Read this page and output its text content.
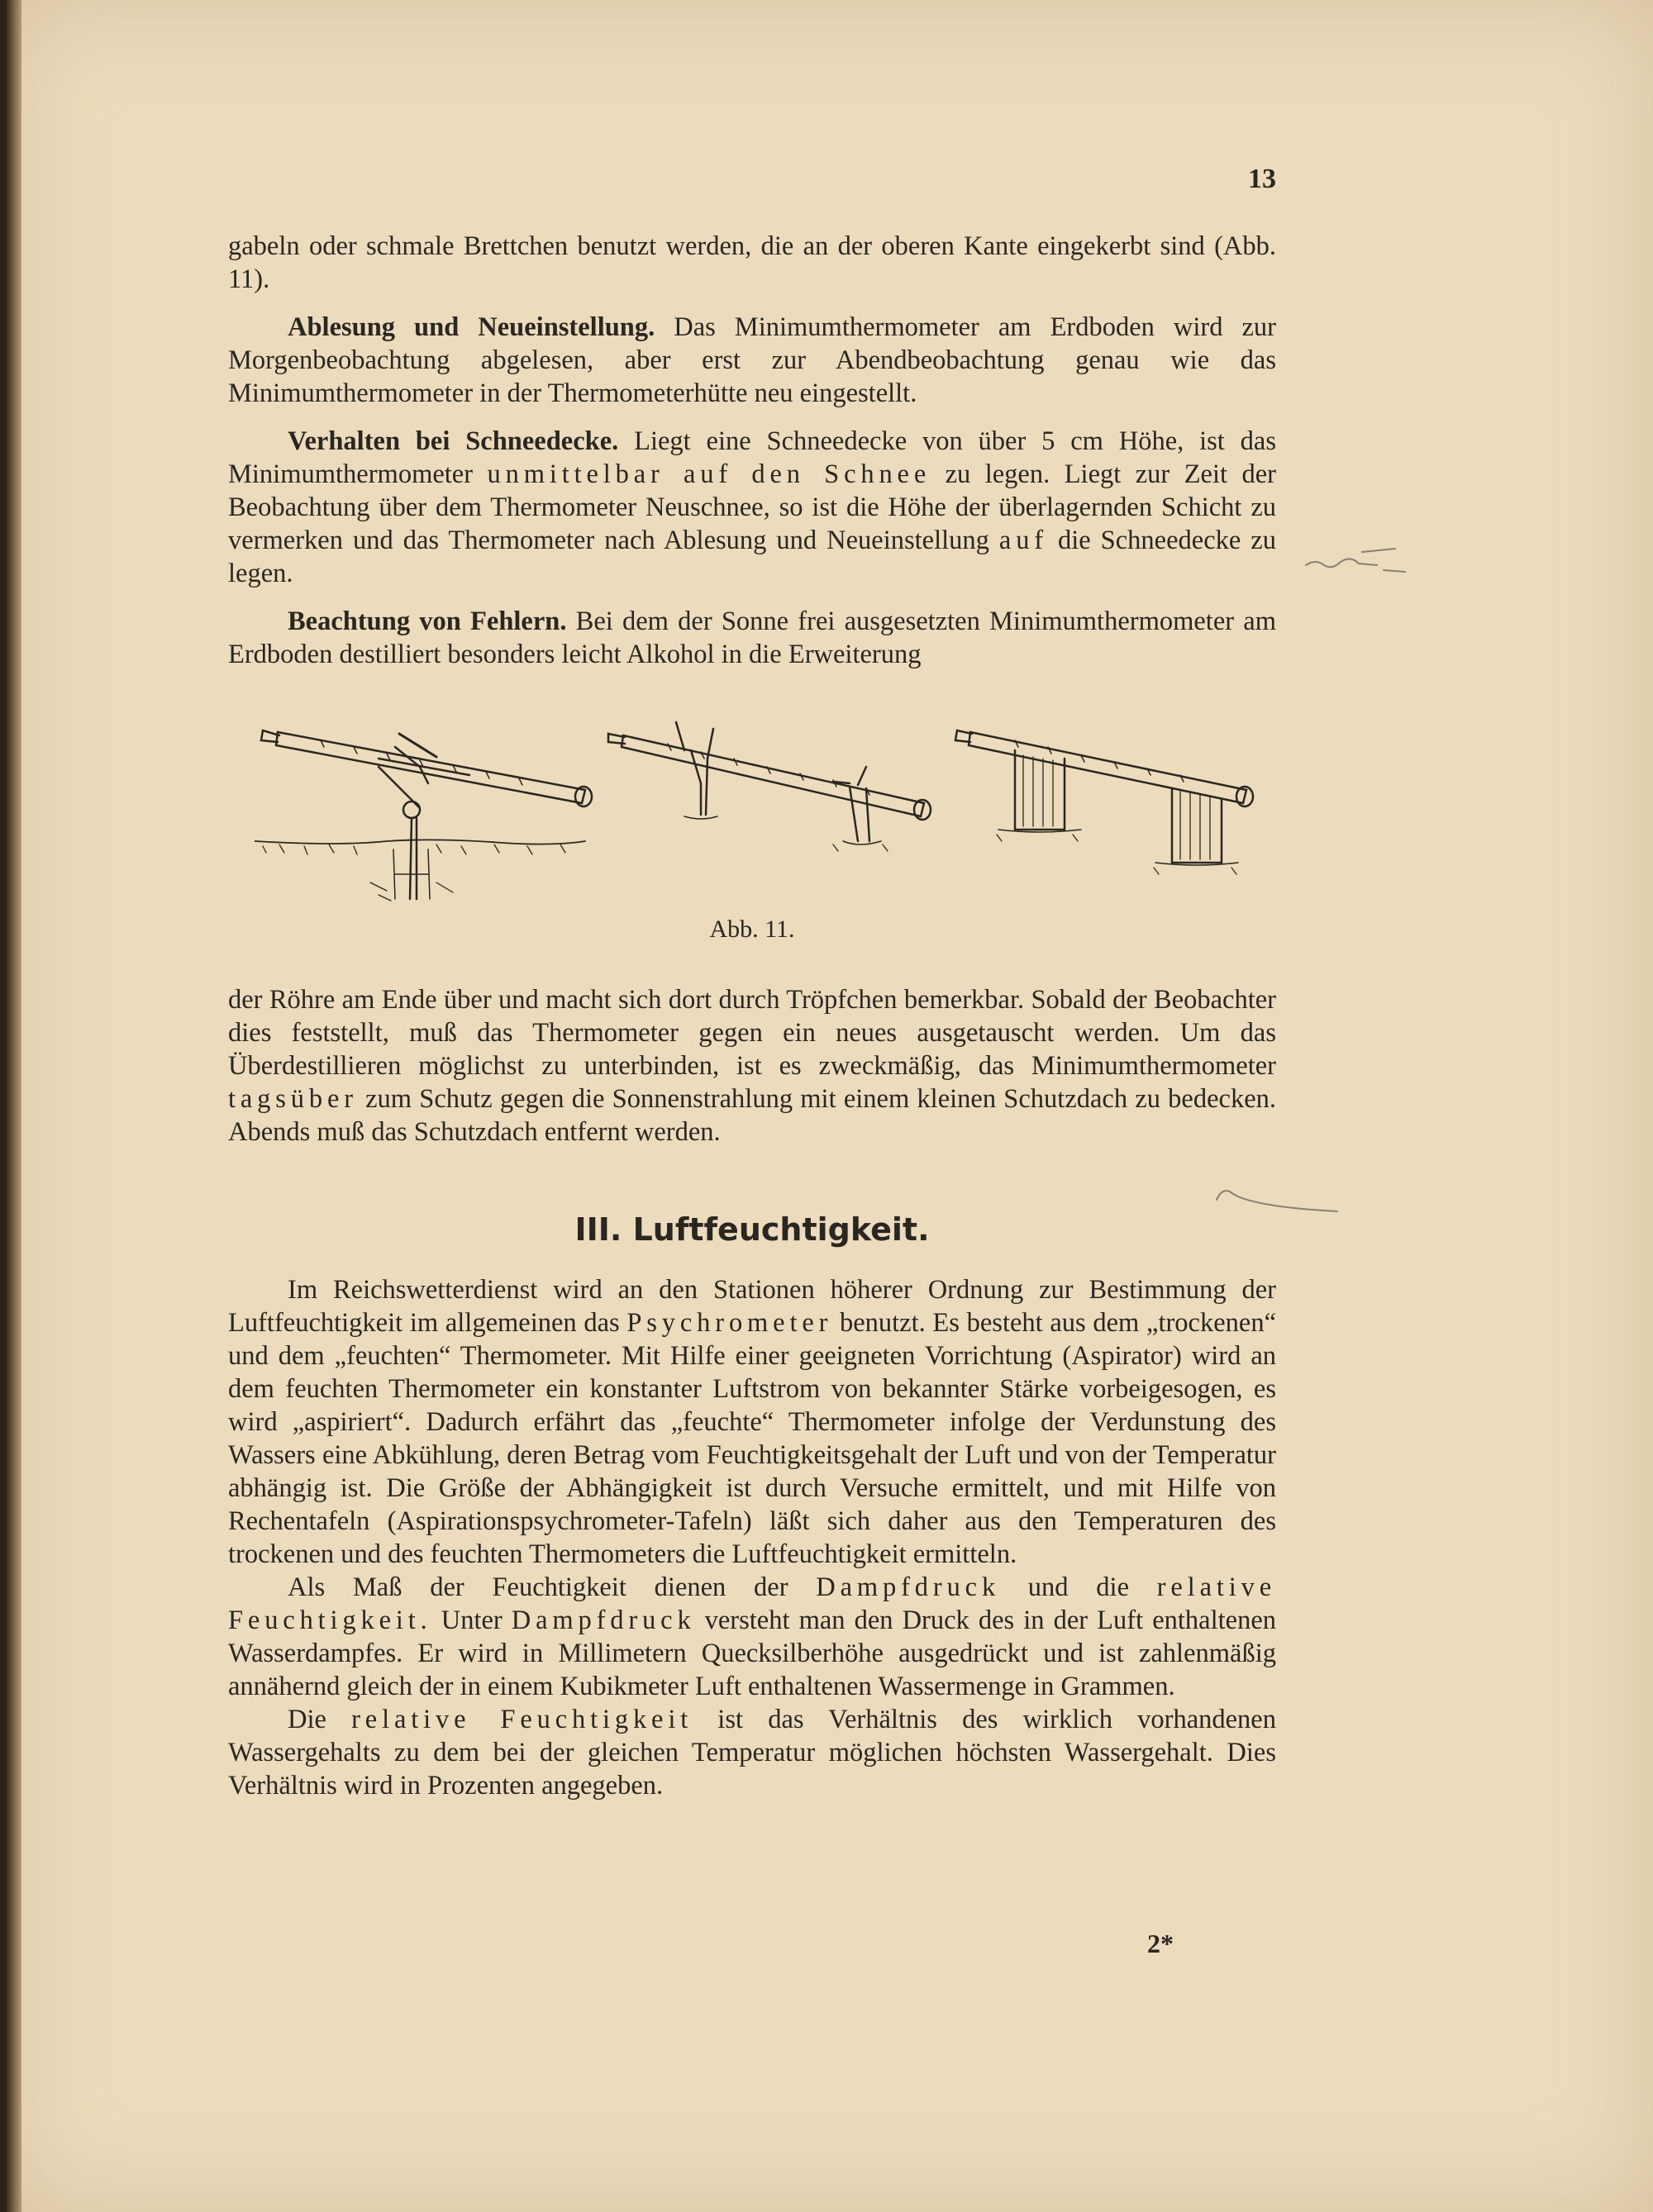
13

gabeln oder schmale Brettchen benutzt werden, die an der oberen Kante eingekerbt sind (Abb. 11).

Ablesung und Neueinstellung. Das Minimumthermometer am Erdboden wird zur Morgenbeobachtung abgelesen, aber erst zur Abendbeobachtung genau wie das Minimumthermometer in der Thermometerhütte neu eingestellt.

Verhalten bei Schneedecke. Liegt eine Schneedecke von über 5 cm Höhe, ist das Minimumthermometer unmittelbar auf den Schnee zu legen. Liegt zur Zeit der Beobachtung über dem Thermometer Neuschnee, so ist die Höhe der überlagernden Schicht zu vermerken und das Thermometer nach Ablesung und Neueinstellung auf die Schneedecke zu legen.

Beachtung von Fehlern. Bei dem der Sonne frei ausgesetzten Minimumthermometer am Erdboden destilliert besonders leicht Alkohol in die Erweiterung

Abb. 11.

der Röhre am Ende über und macht sich dort durch Tröpfchen bemerkbar. Sobald der Beobachter dies feststellt, muß das Thermometer gegen ein neues ausgetauscht werden. Um das Überdestillieren möglichst zu unterbinden, ist es zweckmäßig, das Minimumthermometer tagsüber zum Schutz gegen die Sonnenstrahlung mit einem kleinen Schutzdach zu bedecken. Abends muß das Schutzdach entfernt werden.

III. Luftfeuchtigkeit.

Im Reichswetterdienst wird an den Stationen höherer Ordnung zur Bestimmung der Luftfeuchtigkeit im allgemeinen das Psychrometer benutzt. Es besteht aus dem „trockenen“ und dem „feuchten“ Thermometer. Mit Hilfe einer geeigneten Vorrichtung (Aspirator) wird an dem feuchten Thermometer ein konstanter Luftstrom von bekannter Stärke vorbeigesogen, es wird „aspiriert“. Dadurch erfährt das „feuchte“ Thermometer infolge der Verdunstung des Wassers eine Abkühlung, deren Betrag vom Feuchtigkeitsgehalt der Luft und von der Temperatur abhängig ist. Die Größe der Abhängigkeit ist durch Versuche ermittelt, und mit Hilfe von Rechentafeln (Aspirationspsychrometer-Tafeln) läßt sich daher aus den Temperaturen des trockenen und des feuchten Thermometers die Luftfeuchtigkeit ermitteln.

Als Maß der Feuchtigkeit dienen der Dampfdruck und die relative Feuchtigkeit. Unter Dampfdruck versteht man den Druck des in der Luft enthaltenen Wasserdampfes. Er wird in Millimetern Quecksilberhöhe ausgedrückt und ist zahlenmäßig annähernd gleich der in einem Kubikmeter Luft enthaltenen Wassermenge in Grammen.

Die relative Feuchtigkeit ist das Verhältnis des wirklich vorhandenen Wassergehalts zu dem bei der gleichen Temperatur möglichen höchsten Wassergehalt. Dies Verhältnis wird in Prozenten angegeben.

2*
